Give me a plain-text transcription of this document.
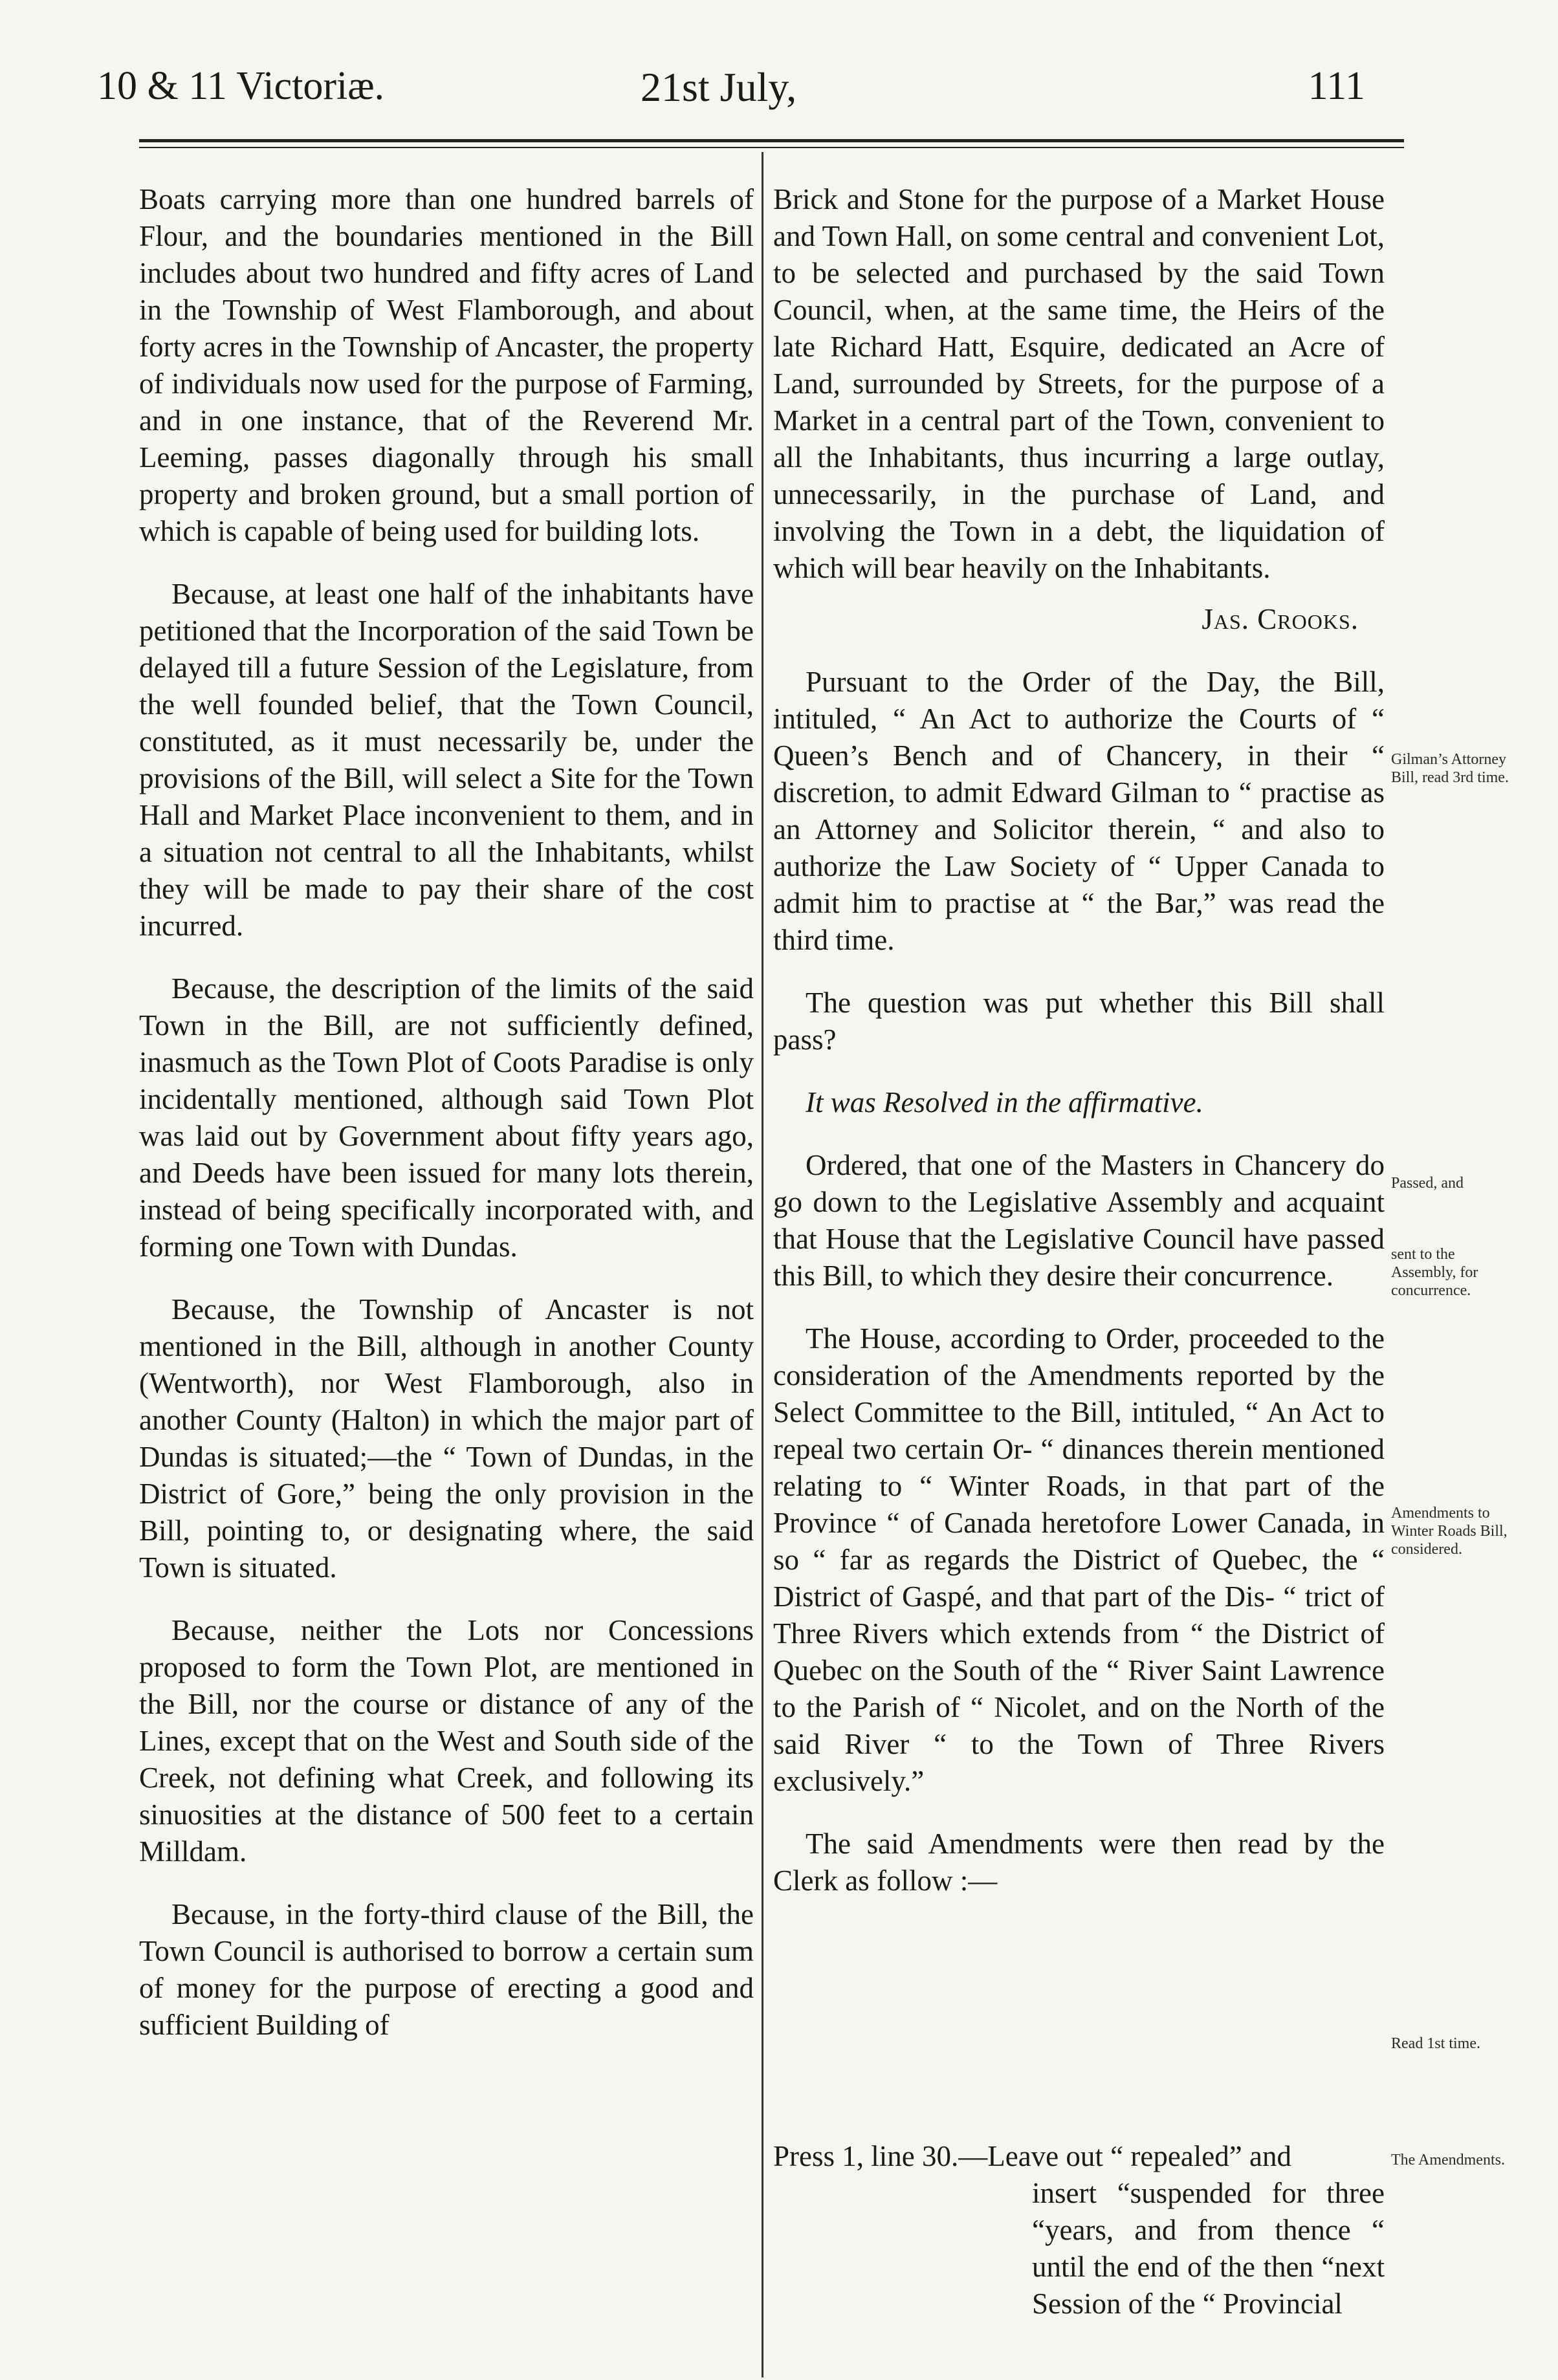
10 & 11 Victoriæ.	21st July,	111

Boats carrying more than one hundred barrels of Flour, and the boundaries mentioned in the Bill includes about two hundred and fifty acres of Land in the Township of West Flamborough, and about forty acres in the Township of Ancaster, the property of individuals now used for the purpose of Farming, and in one instance, that of the Reverend Mr. Leeming, passes diagonally through his small property and broken ground, but a small portion of which is capable of being used for building lots.

Because, at least one half of the inhabitants have petitioned that the Incorporation of the said Town be delayed till a future Session of the Legislature, from the well founded belief, that the Town Council, constituted, as it must necessarily be, under the provisions of the Bill, will select a Site for the Town Hall and Market Place inconvenient to them, and in a situation not central to all the Inhabitants, whilst they will be made to pay their share of the cost incurred.

Because, the description of the limits of the said Town in the Bill, are not sufficiently defined, inasmuch as the Town Plot of Coots Paradise is only incidentally mentioned, although said Town Plot was laid out by Government about fifty years ago, and Deeds have been issued for many lots therein, instead of being specifically incorporated with, and forming one Town with Dundas.

Because, the Township of Ancaster is not mentioned in the Bill, although in another County (Wentworth), nor West Flamborough, also in another County (Halton) in which the major part of Dundas is situated;—the “ Town of Dundas, in the District of Gore,” being the only provision in the Bill, pointing to, or designating where, the said Town is situated.

Because, neither the Lots nor Concessions proposed to form the Town Plot, are mentioned in the Bill, nor the course or distance of any of the Lines, except that on the West and South side of the Creek, not defining what Creek, and following its sinuosities at the distance of 500 feet to a certain Milldam.

Because, in the forty-third clause of the Bill, the Town Council is authorised to borrow a certain sum of money for the purpose of erecting a good and sufficient Building of

Brick and Stone for the purpose of a Market House and Town Hall, on some central and convenient Lot, to be selected and purchased by the said Town Council, when, at the same time, the Heirs of the late Richard Hatt, Esquire, dedicated an Acre of Land, surrounded by Streets, for the purpose of a Market in a central part of the Town, convenient to all the Inhabitants, thus incurring a large outlay, unnecessarily, in the purchase of Land, and involving the Town in a debt, the liquidation of which will bear heavily on the Inhabitants.

Jas. Crooks.

Pursuant to the Order of the Day, the Bill, intituled, “ An Act to authorize the Courts of “ Queen’s Bench and of Chancery, in their “ discretion, to admit Edward Gilman to “ practise as an Attorney and Solicitor therein, “ and also to authorize the Law Society of “ Upper Canada to admit him to practise at “ the Bar,” was read the third time.

The question was put whether this Bill shall pass?

It was Resolved in the affirmative.

Ordered, that one of the Masters in Chancery do go down to the Legislative Assembly and acquaint that House that the Legislative Council have passed this Bill, to which they desire their concurrence.

The House, according to Order, proceeded to the consideration of the Amendments reported by the Select Committee to the Bill, intituled, “ An Act to repeal two certain Or- “ dinances therein mentioned relating to “ Winter Roads, in that part of the Province “ of Canada heretofore Lower Canada, in so “ far as regards the District of Quebec, the “ District of Gaspé, and that part of the Dis- “ trict of Three Rivers which extends from “ the District of Quebec on the South of the “ River Saint Lawrence to the Parish of “ Nicolet, and on the North of the said River “ to the Town of Three Rivers exclusively.”

The said Amendments were then read by the Clerk as follow :—

Press 1, line 30.—Leave out “ repealed” and
insert “suspended for three “years, and from thence “ until the end of the then “next Session of the “ Provincial
Gilman’s Attorney Bill, read 3rd time.
Passed, and
sent to the Assembly, for concurrence.
Amendments to Winter Roads Bill, considered.
Read 1st time.
The Amendments.
